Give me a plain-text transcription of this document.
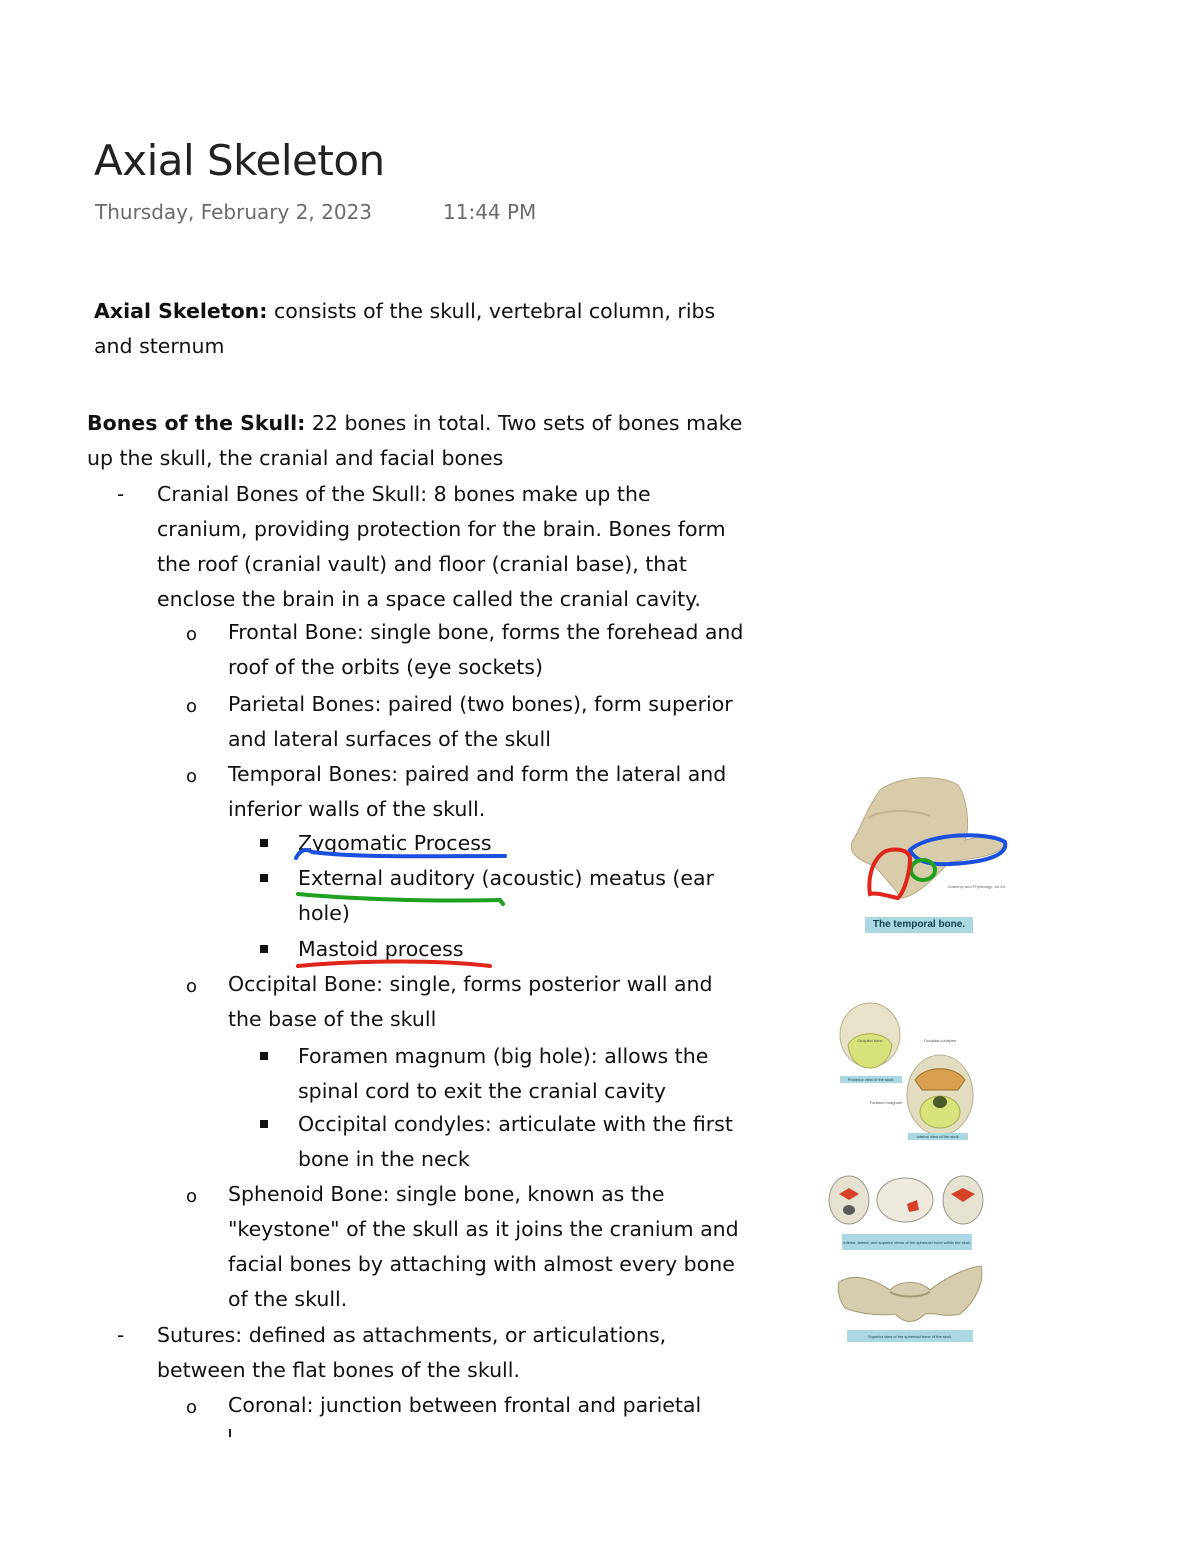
Axial Skeleton
Thursday, February 2, 2023	11:44 PM
Axial Skeleton: consists of the skull, vertebral column, ribs
and sternum
Bones of the Skull: 22 bones in total. Two sets of bones make
up the skull, the cranial and facial bones
- Cranial Bones of the Skull: 8 bones make up the
cranium, providing protection for the brain. Bones form
the roof (cranial vault) and floor (cranial base), that
enclose the brain in a space called the cranial cavity.
o Frontal Bone: single bone, forms the forehead and
roof of the orbits (eye sockets)
o Parietal Bones: paired (two bones), form superior
and lateral surfaces of the skull
o Temporal Bones: paired and form the lateral and
inferior walls of the skull.
Zygomatic Process
External auditory (acoustic) meatus (ear
hole)
Mastoid process
o Occipital Bone: single, forms posterior wall and
the base of the skull
Foramen magnum (big hole): allows the
spinal cord to exit the cranial cavity
Occipital condyles: articulate with the first
bone in the neck
o Sphenoid Bone: single bone, known as the
"keystone" of the skull as it joins the cranium and
facial bones by attaching with almost every bone
of the skull.
- Sutures: defined as attachments, or articulations,
between the flat bones of the skull.
o Coronal: junction between frontal and parietal
Anatomy and Physiology, 1st ed.
The temporal bone.
Posterior view of the skull.
Inferior view of the skull.
Occipital bone	Occipital condyles
Foramen magnum
Inferior, lateral, and superior views of the sphenoid bone within the skull.
Superior view of the sphenoid bone of the skull.
